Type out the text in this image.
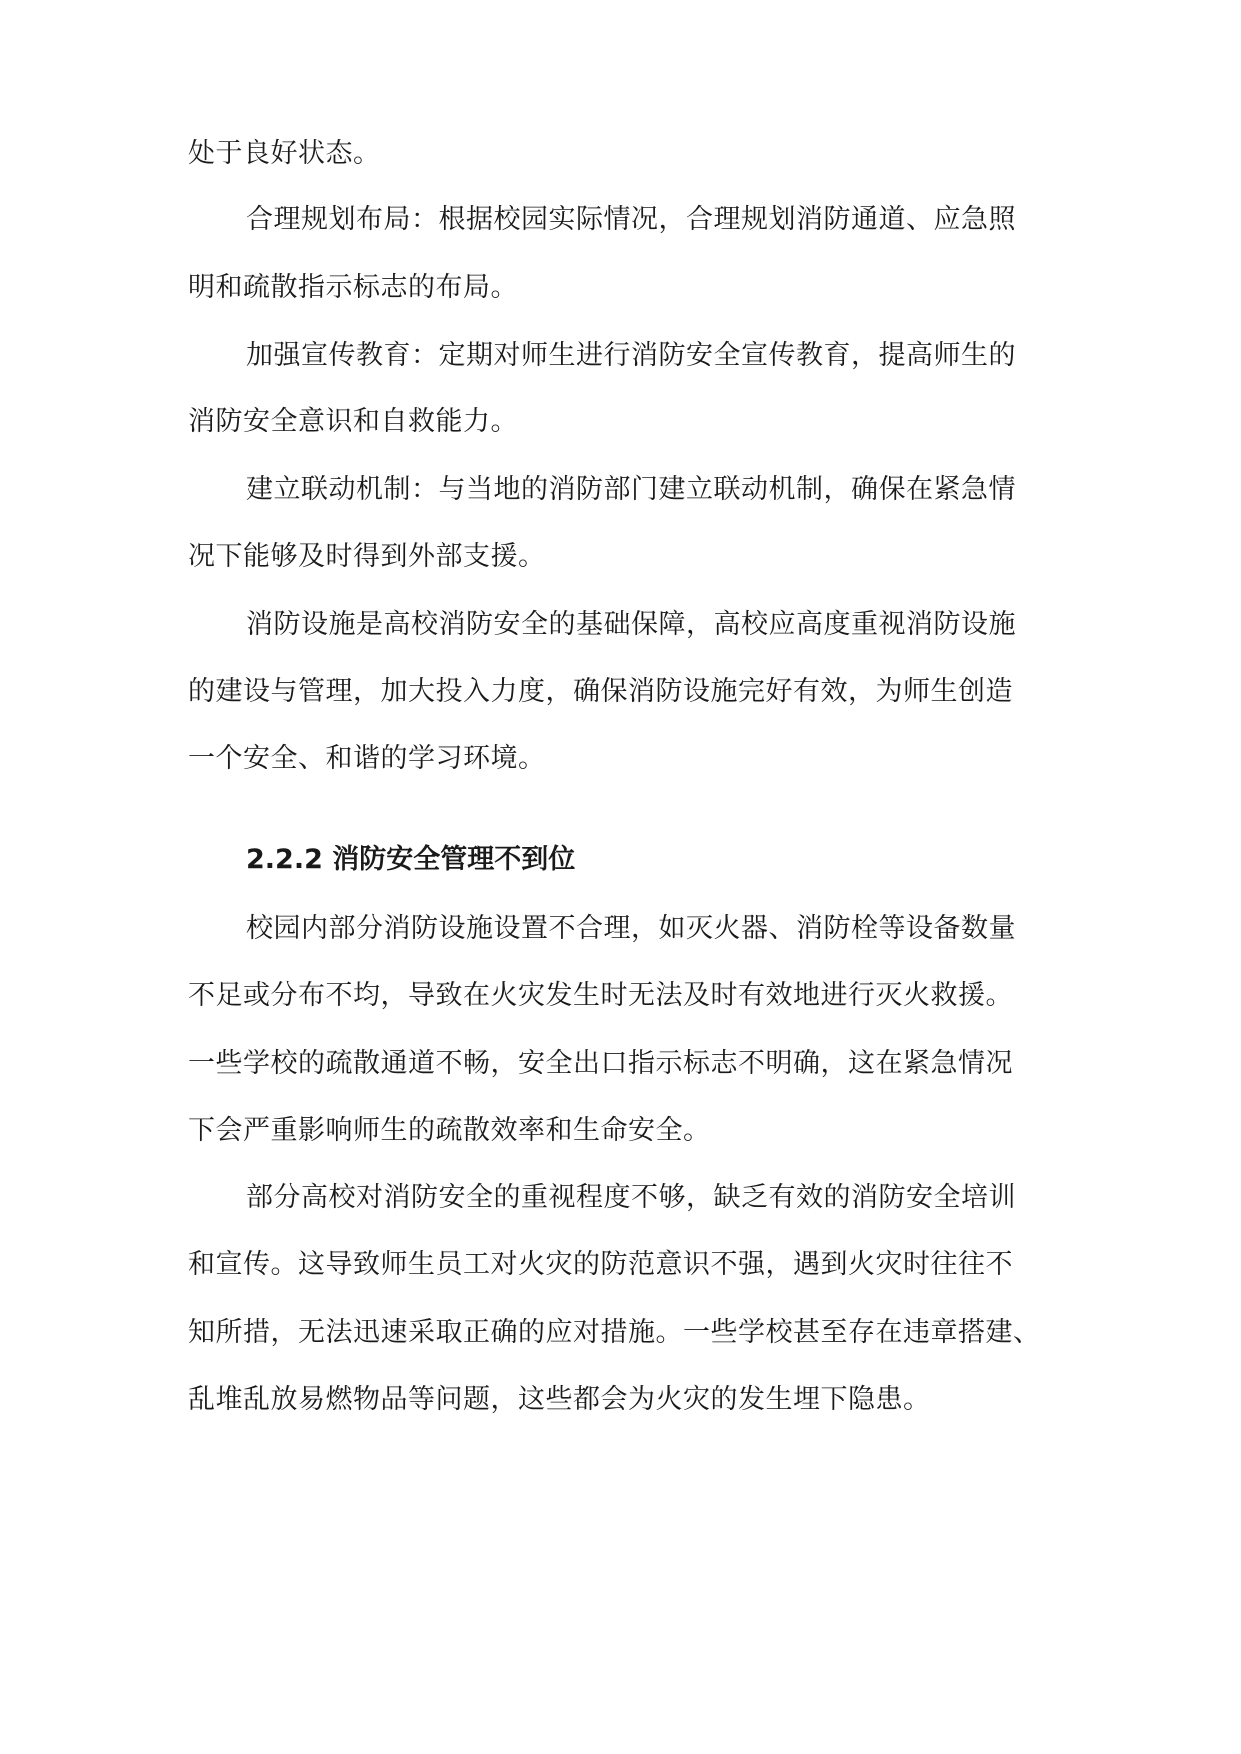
处于良好状态。
合理规划布局：根据校园实际情况，合理规划消防通道、应急照
明和疏散指示标志的布局。
加强宣传教育：定期对师生进行消防安全宣传教育，提高师生的
消防安全意识和自救能力。
建立联动机制：与当地的消防部门建立联动机制，确保在紧急情
况下能够及时得到外部支援。
消防设施是高校消防安全的基础保障，高校应高度重视消防设施
的建设与管理，加大投入力度，确保消防设施完好有效，为师生创造
一个安全、和谐的学习环境。
2.2.2 消防安全管理不到位
校园内部分消防设施设置不合理，如灭火器、消防栓等设备数量
不足或分布不均，导致在火灾发生时无法及时有效地进行灭火救援。
一些学校的疏散通道不畅，安全出口指示标志不明确，这在紧急情况
下会严重影响师生的疏散效率和生命安全。
部分高校对消防安全的重视程度不够，缺乏有效的消防安全培训
和宣传。这导致师生员工对火灾的防范意识不强，遇到火灾时往往不
知所措，无法迅速采取正确的应对措施。一些学校甚至存在违章搭建、
乱堆乱放易燃物品等问题，这些都会为火灾的发生埋下隐患。
